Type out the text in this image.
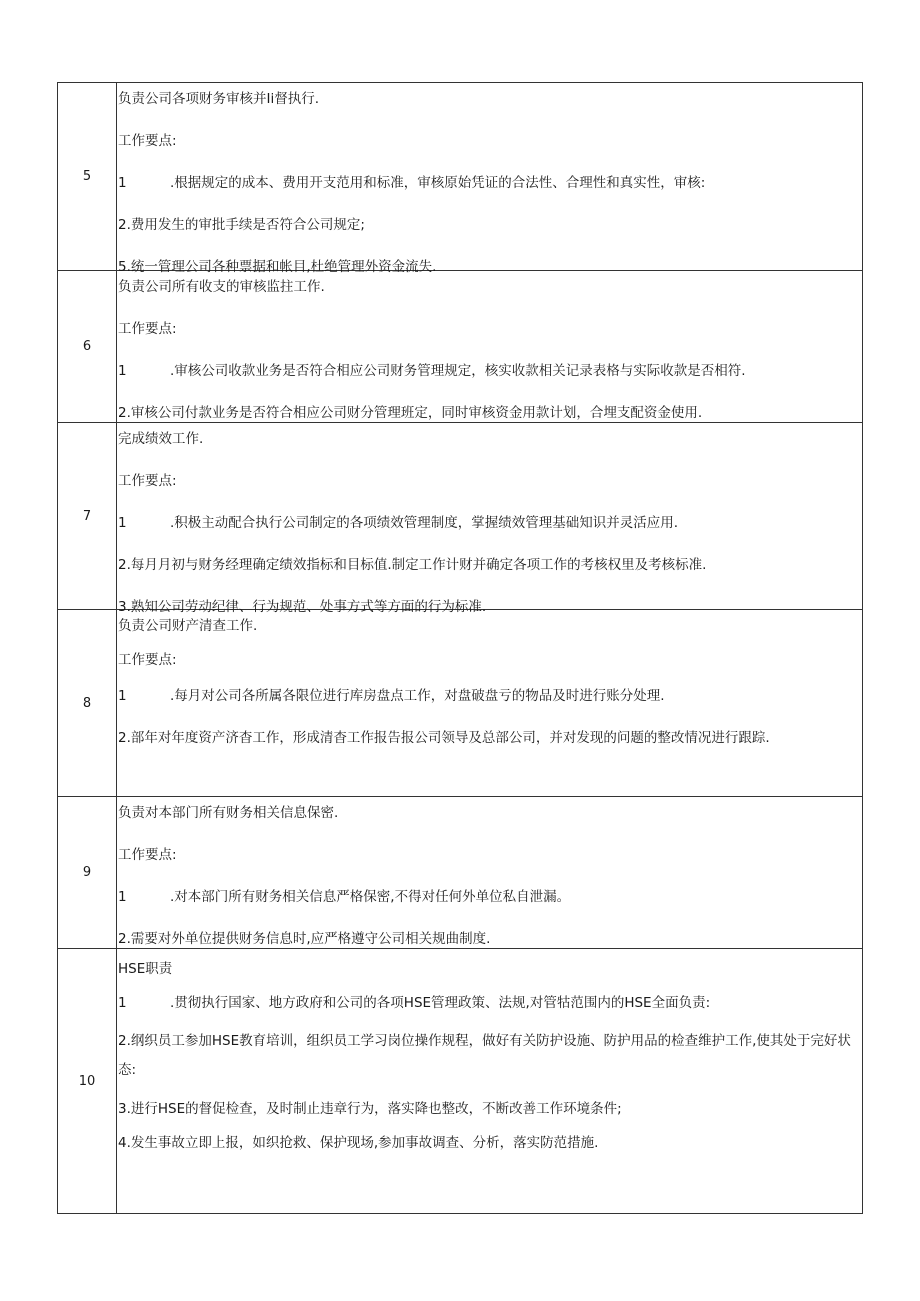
5	负责公司各项财务审核并Ii督执行.

工作要点:

1 .根据规定的成本、费用开支范用和标准，审核原始凭证的合法性、合理性和真实性，审核:

2.费用发生的审批手续是否符合公司规定;

5.统一管理公司各种票据和帐目,杜绝管理外资金流失.

6	负责公司所有收支的审核监拄工作.

工作要点:

1 .审核公司收款业务是否符合相应公司财务管理规定，核实收款相关记录表格与实际收款是否相符.

2.审核公司付款业务是否符合相应公司财分管理班定，同时审核资金用款计划，合埋支配资金使用.

7	完成绩效工作.

工作要点:

1 .积极主动配合执行公司制定的各项绩效管理制度，掌握绩效管理基础知识并灵活应用.

2.每月月初与财务经理确定绩效指标和目标值.制定工作计财并确定各项工作的考核权里及考核标准.

3.熟知公司劳动纪律、行为规范、处事方式等方面的行为标准.

8	负责公司财产清查工作.

工作要点:

1 .每月对公司各所属各限位进行库房盘点工作，对盘破盘亏的物品及时进行账分处理.

2.部年对年度资产济杳工作，形成清杳工作报告报公司领导及总部公司，并对发现的问题的整改情况进行跟踪.

9	负责对本部门所有财务相关信息保密.

工作要点:

1 .对本部门所有财务相关信息严格保密,不得对任何外单位私自泄漏。

2.需要对外单位提供财务信息时,应严格遵守公司相关规曲制度.

10	HSE职责

1 .贯彻执行国家、地方政府和公司的各项HSE管理政策、法规,对管牯范围内的HSE全面负责:

2.纲织员工参加HSE教育培训，组织员工学习岗位操作规程，做好有关防护设施、防护用品的检查维护工作,使其处于完好状态:

3.进行HSE的督促检查，及时制止违章行为，落实降也整改，不断改善工作环境条件;

4.发生事故立即上报，如织抢救、保护现场,参加事故调查、分析，落实防范措施.
